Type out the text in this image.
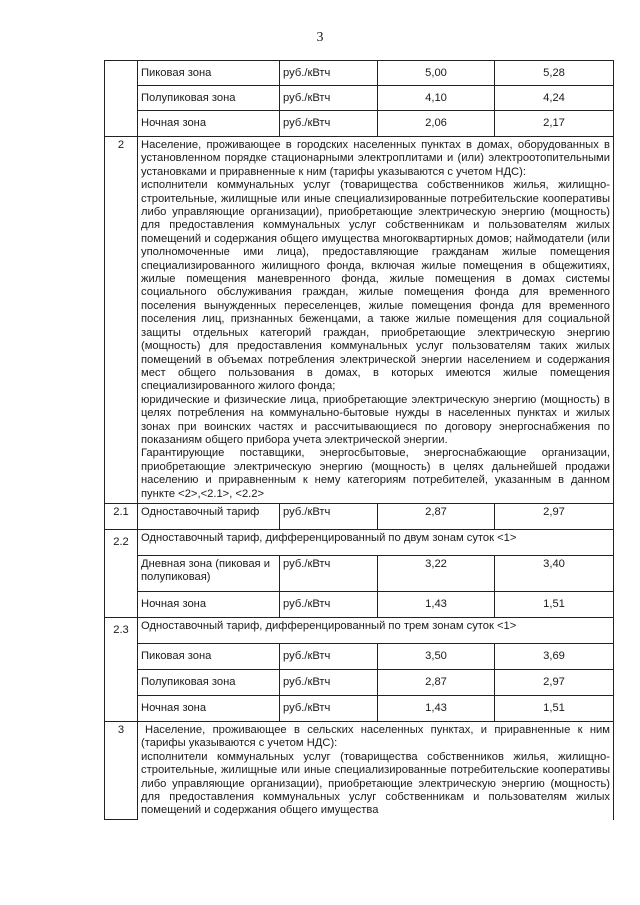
3
	Пиковая зона	руб./кВтч	5,00	5,28
	Полупиковая зона	руб./кВтч	4,10	4,24
	Ночная зона	руб./кВтч	2,06	2,17
2	Население, проживающее в городских населенных пунктах в домах, оборудованных в установленном порядке стационарными электроплитами и (или) электроотопительными установками и приравненные к ним (тарифы указываются с учетом НДС):

исполнители коммунальных услуг (товарищества собственников жилья, жилищно-строительные, жилищные или иные специализированные потребительские кооперативы либо управляющие организации), приобретающие электрическую энергию (мощность) для предоставления коммунальных услуг собственникам и пользователям жилых помещений и содержания общего имущества многоквартирных домов; наймодатели (или уполномоченные ими лица), предоставляющие гражданам жилые помещения специализированного жилищного фонда, включая жилые помещения в общежитиях, жилые помещения маневренного фонда, жилые помещения в домах системы социального обслуживания граждан, жилые помещения фонда для временного поселения вынужденных переселенцев, жилые помещения фонда для временного поселения лиц, признанных беженцами, а также жилые помещения для социальной защиты отдельных категорий граждан, приобретающие электрическую энергию (мощность) для предоставления коммунальных услуг пользователям таких жилых помещений в объемах потребления электрической энергии населением и содержания мест общего пользования в домах, в которых имеются жилые помещения специализированного жилого фонда;

юридические и физические лица, приобретающие электрическую энергию (мощность) в целях потребления на коммунально-бытовые нужды в населенных пунктах и жилых зонах при воинских частях и рассчитывающиеся по договору энергоснабжения по показаниям общего прибора учета электрической энергии.

Гарантирующие поставщики, энергосбытовые, энергоснабжающие организации, приобретающие электрическую энергию (мощность) в целях дальнейшей продажи населению и приравненным к нему категориям потребителей, указанным в данном пункте <2>,<2.1>, <2.2>			

2.1	Одноставочный тариф	руб./кВтч	2,87	2,97
2.2	Одноставочный тариф, дифференцированный по двум зонам суток <1>			
	Дневная зона (пиковая и полупиковая)	руб./кВтч	3,22	3,40
	Ночная зона	руб./кВтч	1,43	1,51
2.3	Одноставочный тариф, дифференцированный по трем зонам суток <1>			
	Пиковая зона	руб./кВтч	3,50	3,69
	Полупиковая зона	руб./кВтч	2,87	2,97
	Ночная зона	руб./кВтч	1,43	1,51
3	Население, проживающее в сельских населенных пунктах, и приравненные к ним (тарифы указываются с учетом НДС):

исполнители коммунальных услуг (товарищества собственников жилья, жилищно-строительные, жилищные или иные специализированные потребительские кооперативы либо управляющие организации), приобретающие электрическую энергию (мощность) для предоставления коммунальных услуг собственникам и пользователям жилых помещений и содержания общего имущества			
